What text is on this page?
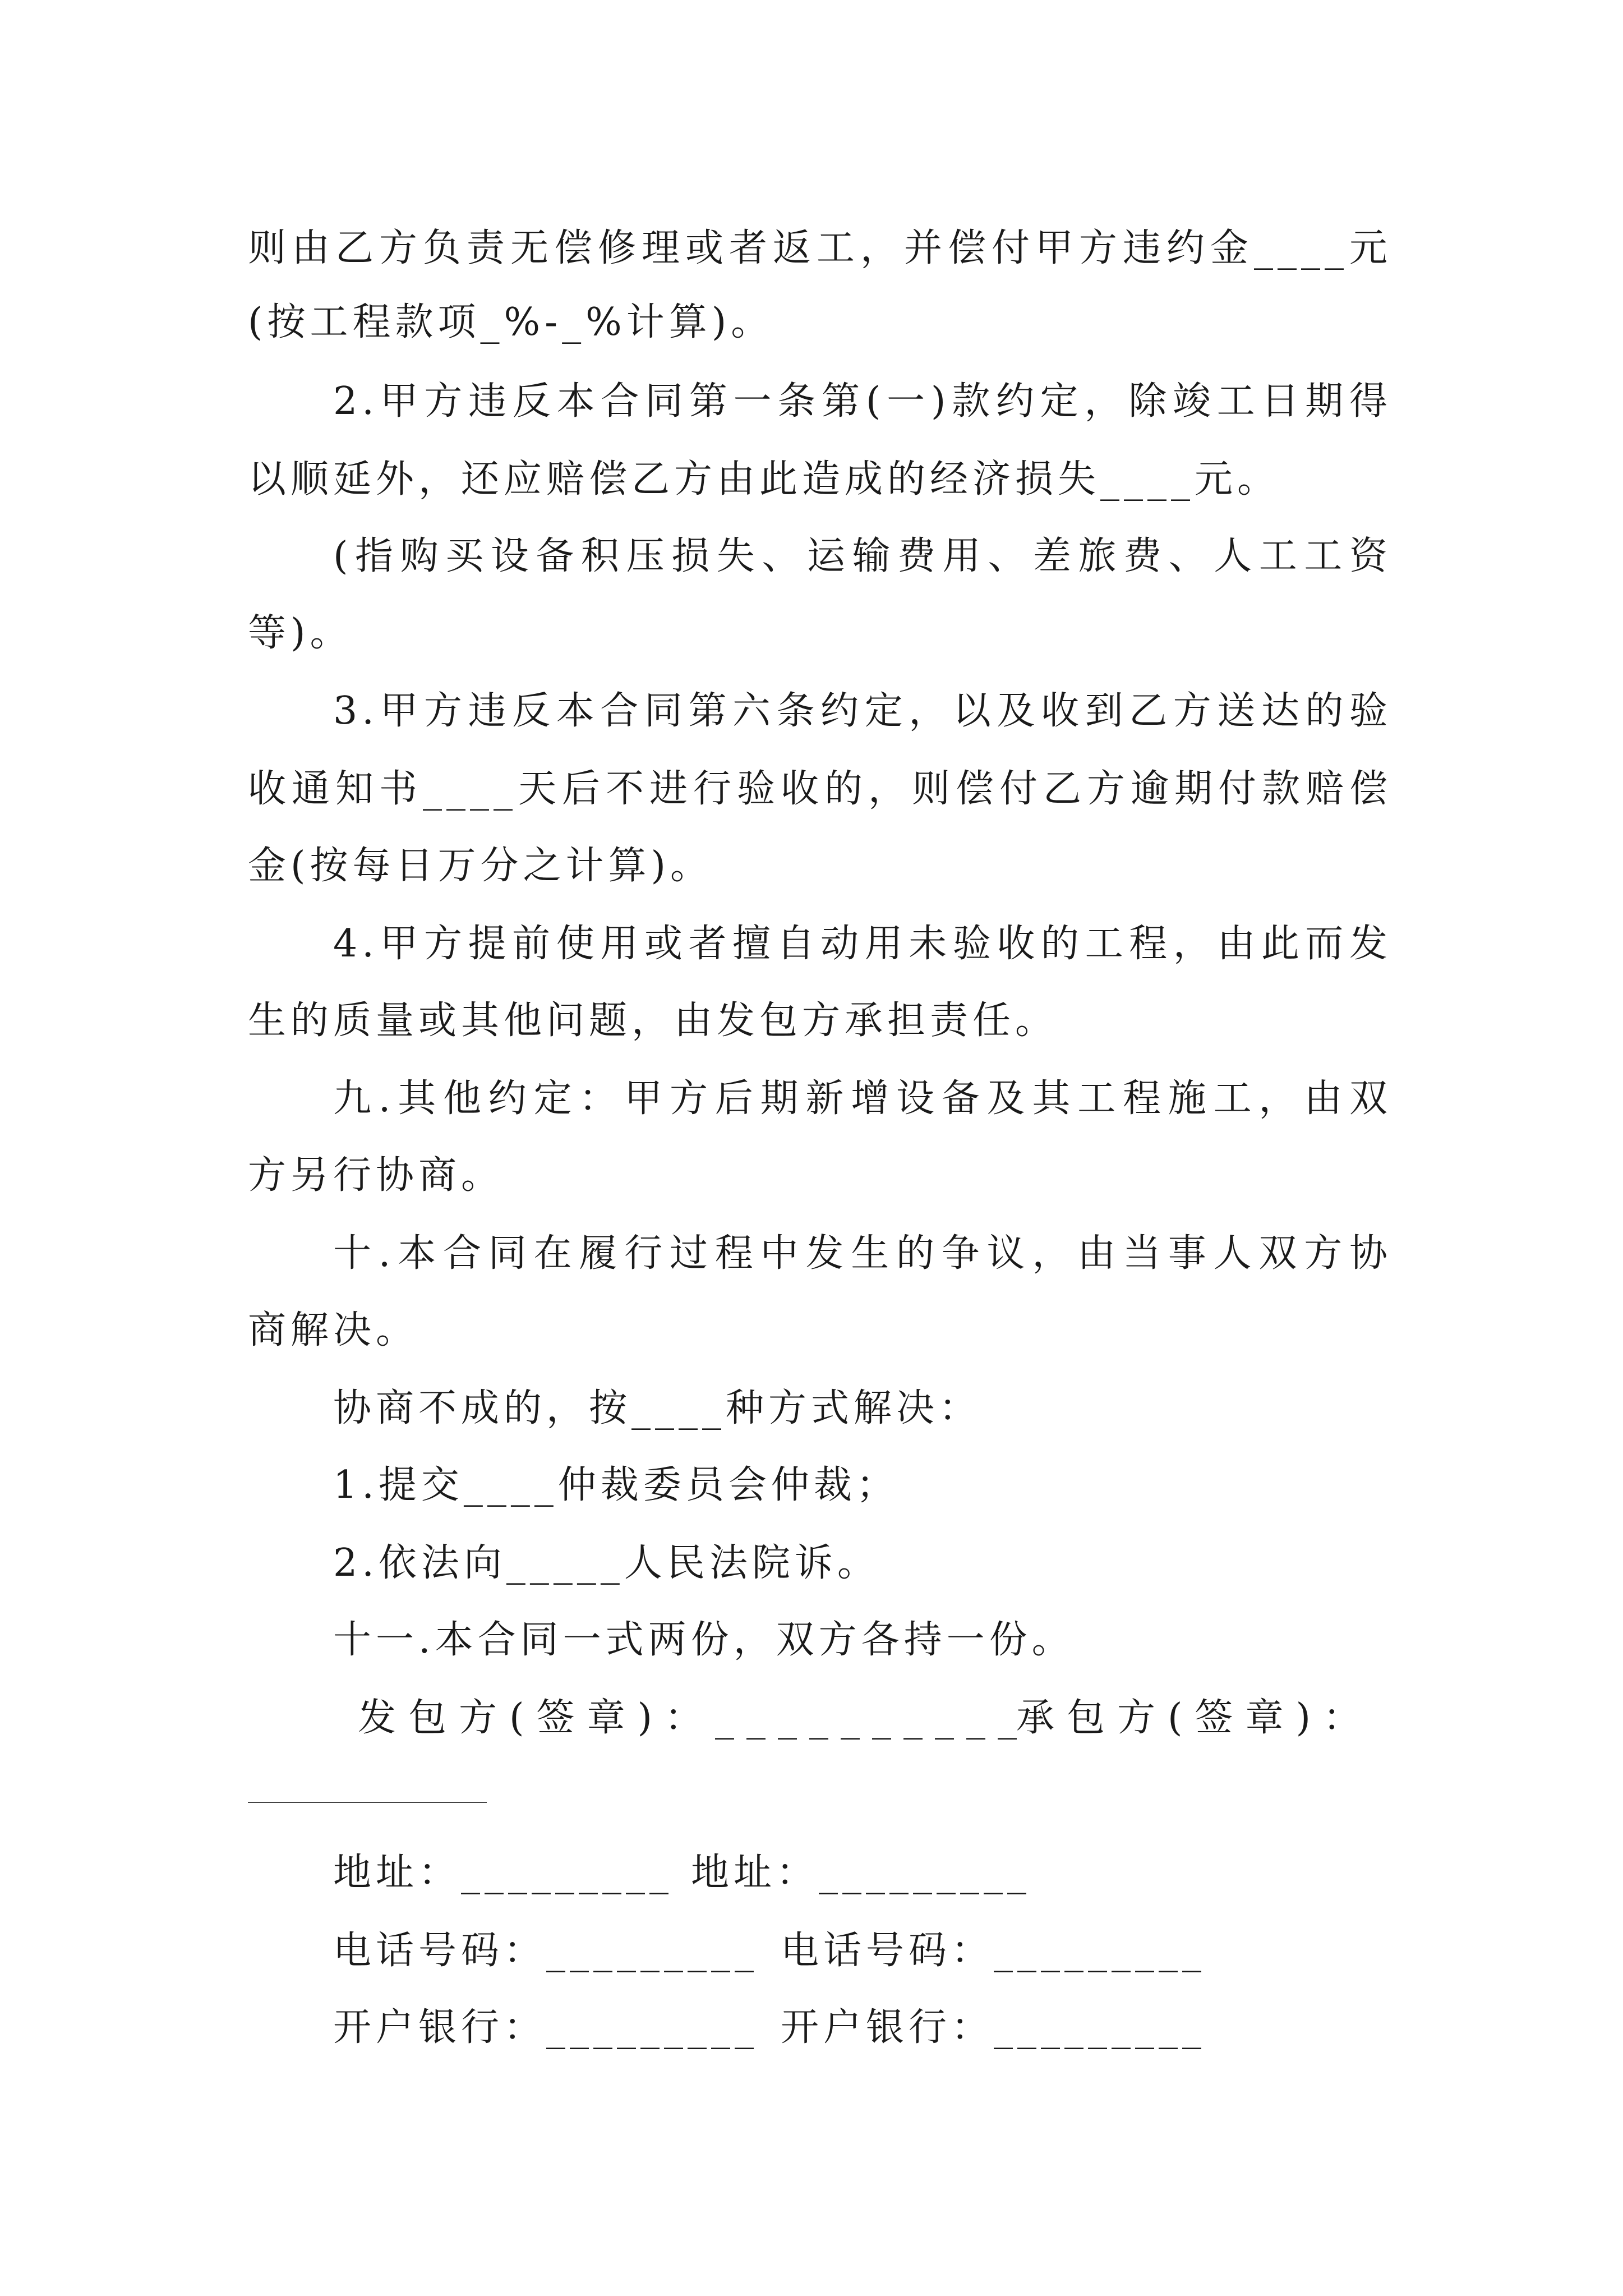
则由乙方负责无偿修理或者返工，并偿付甲方违约金____元
(按工程款项_%-_%计算)。
2.甲方违反本合同第一条第(一)款约定，除竣工日期得
以顺延外，还应赔偿乙方由此造成的经济损失____元。
(指购买设备积压损失、运输费用、差旅费、人工工资
等)。
3.甲方违反本合同第六条约定，以及收到乙方送达的验
收通知书____天后不进行验收的，则偿付乙方逾期付款赔偿
金(按每日万分之计算)。
4.甲方提前使用或者擅自动用未验收的工程，由此而发
生的质量或其他问题，由发包方承担责任。
九.其他约定：甲方后期新增设备及其工程施工，由双
方另行协商。
十.本合同在履行过程中发生的争议，由当事人双方协
商解决。
协商不成的，按____种方式解决：
1.提交____仲裁委员会仲裁；
2.依法向_____人民法院诉。
十一.本合同一式两份，双方各持一份。
发包方(签章)：__________
承包方(签章)：
地址：_________ 地址：_________
电话号码：_________ 电话号码：_________
开户银行：_________ 开户银行：_________
